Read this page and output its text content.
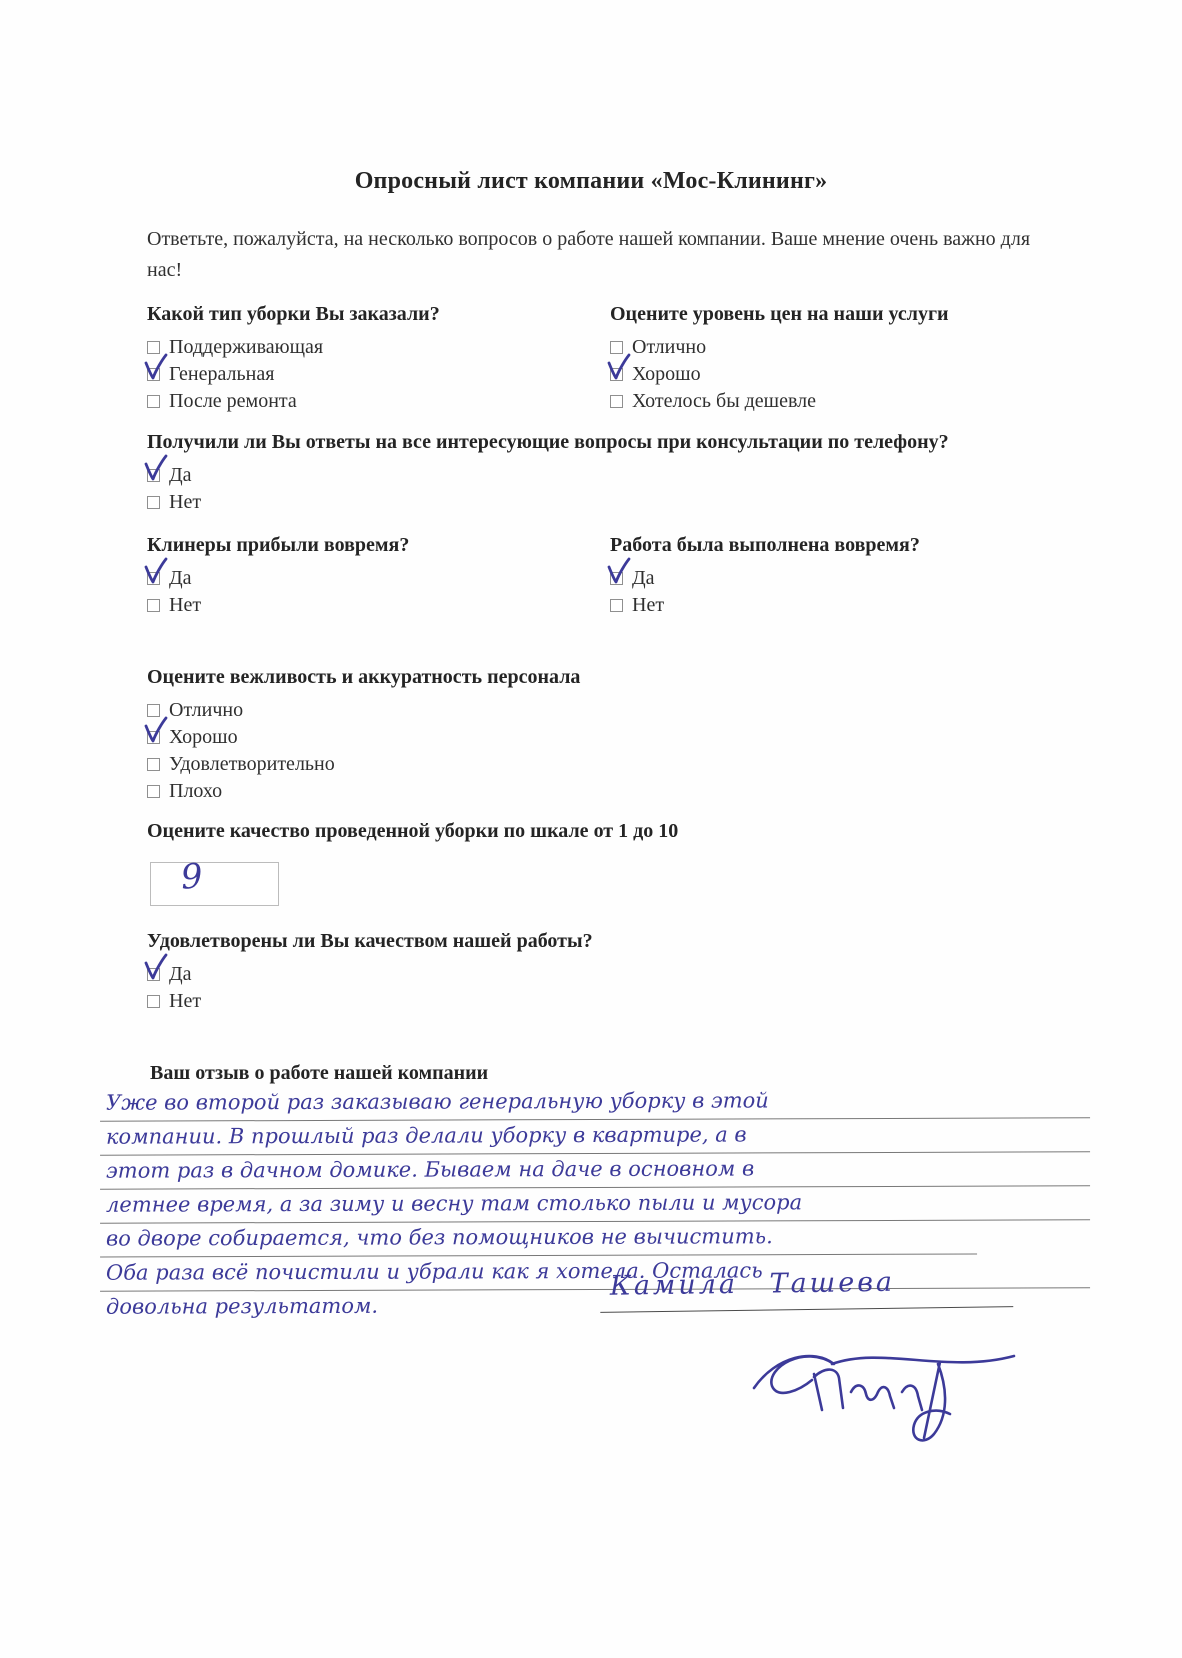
Опросный лист компании «Мос-Клининг»
Ответьте, пожалуйста, на несколько вопросов о работе нашей компании. Ваше мнение очень важно для нас!
Какой тип уборки Вы заказали?
Поддерживающая
Генеральная
После ремонта
Оцените уровень цен на наши услуги
Отлично
Хорошо
Хотелось бы дешевле
Получили ли Вы ответы на все интересующие вопросы при консультации по телефону?
Да
Нет
Клинеры прибыли вовремя?
Да
Нет
Работа была выполнена вовремя?
Да
Нет
Оцените вежливость и аккуратность персонала
Отлично
Хорошо
Удовлетворительно
Плохо
Оцените качество проведенной уборки по шкале от 1 до 10
9
Удовлетворены ли Вы качеством нашей работы?
Да
Нет
Ваш отзыв о работе нашей компании
Уже во второй раз заказываю генеральную уборку в этой
компании. В прошлый раз делали уборку в квартире, а в
этот раз в дачном домике. Бываем на даче в основном в
летнее время, а за зиму и весну там столько пыли и мусора
во дворе собирается, что без помощников не вычистить.
Оба раза всё почистили и убрали как я хотела. Осталась
довольна результатом.
Камила Ташева
